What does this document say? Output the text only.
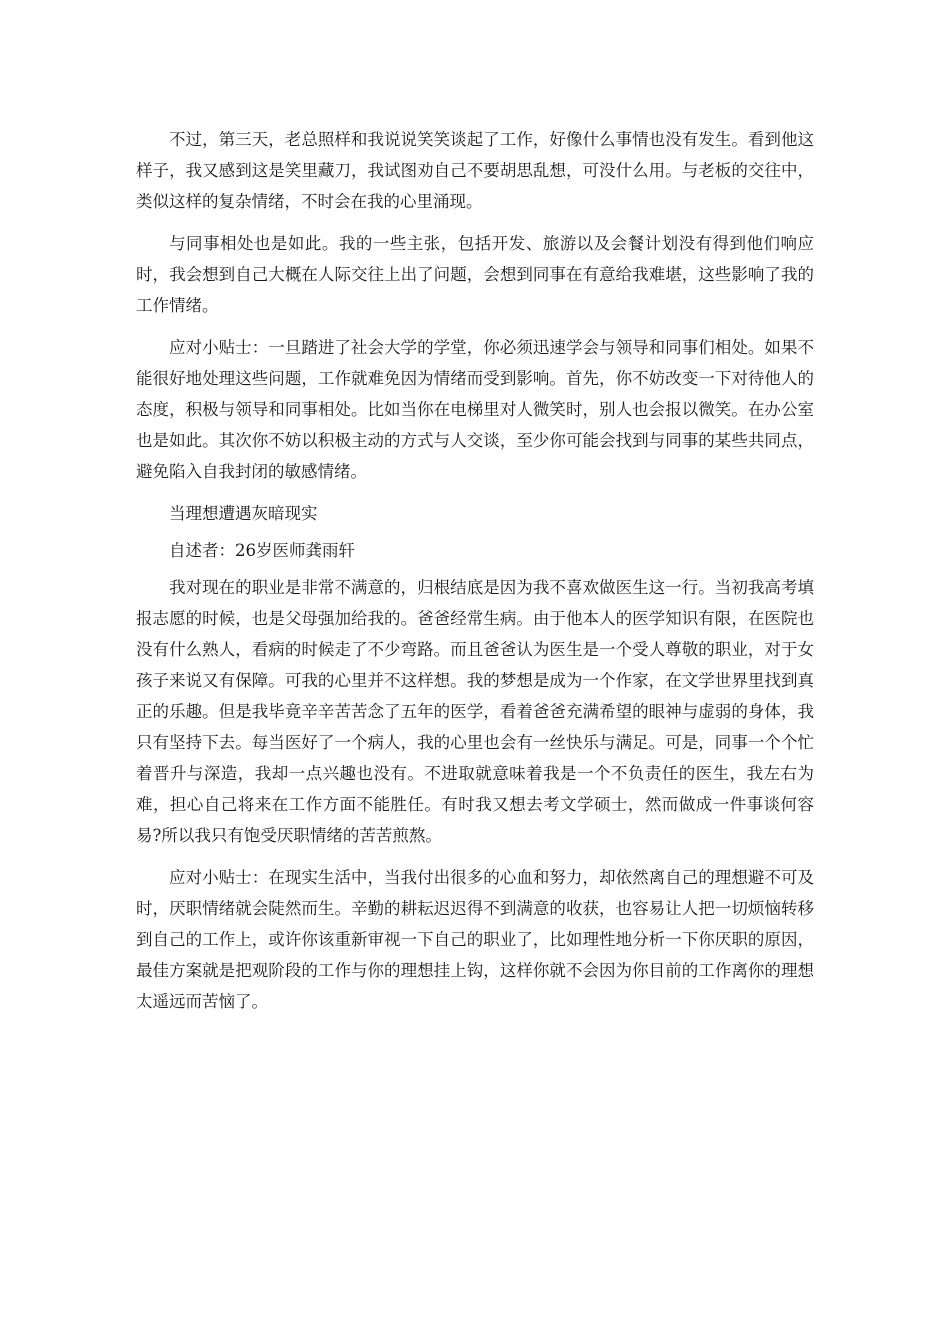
不过，第三天，老总照样和我说说笑笑谈起了工作，好像什么事情也没有发生。看到他这样子，我又感到这是笑里藏刀，我试图劝自己不要胡思乱想，可没什么用。与老板的交往中，类似这样的复杂情绪，不时会在我的心里涌现。

与同事相处也是如此。我的一些主张，包括开发、旅游以及会餐计划没有得到他们响应时，我会想到自己大概在人际交往上出了问题，会想到同事在有意给我难堪，这些影响了我的工作情绪。

应对小贴士：一旦踏进了社会大学的学堂，你必须迅速学会与领导和同事们相处。如果不能很好地处理这些问题，工作就难免因为情绪而受到影响。首先，你不妨改变一下对待他人的态度，积极与领导和同事相处。比如当你在电梯里对人微笑时，别人也会报以微笑。在办公室也是如此。其次你不妨以积极主动的方式与人交谈，至少你可能会找到与同事的某些共同点，避免陷入自我封闭的敏感情绪。

当理想遭遇灰暗现实

自述者：26岁医师龚雨轩

我对现在的职业是非常不满意的，归根结底是因为我不喜欢做医生这一行。当初我高考填报志愿的时候，也是父母强加给我的。爸爸经常生病。由于他本人的医学知识有限，在医院也没有什么熟人，看病的时候走了不少弯路。而且爸爸认为医生是一个受人尊敬的职业，对于女孩子来说又有保障。可我的心里并不这样想。我的梦想是成为一个作家，在文学世界里找到真正的乐趣。但是我毕竟辛辛苦苦念了五年的医学，看着爸爸充满希望的眼神与虚弱的身体，我只有坚持下去。每当医好了一个病人，我的心里也会有一丝快乐与满足。可是，同事一个个忙着晋升与深造，我却一点兴趣也没有。不进取就意味着我是一个不负责任的医生，我左右为难，担心自己将来在工作方面不能胜任。有时我又想去考文学硕士，然而做成一件事谈何容易?所以我只有饱受厌职情绪的苦苦煎熬。

应对小贴士：在现实生活中，当我付出很多的心血和努力，却依然离自己的理想避不可及时，厌职情绪就会陡然而生。辛勤的耕耘迟迟得不到满意的收获，也容易让人把一切烦恼转移到自己的工作上，或许你该重新审视一下自己的职业了，比如理性地分析一下你厌职的原因，最佳方案就是把观阶段的工作与你的理想挂上钩，这样你就不会因为你目前的工作离你的理想太遥远而苦恼了。
